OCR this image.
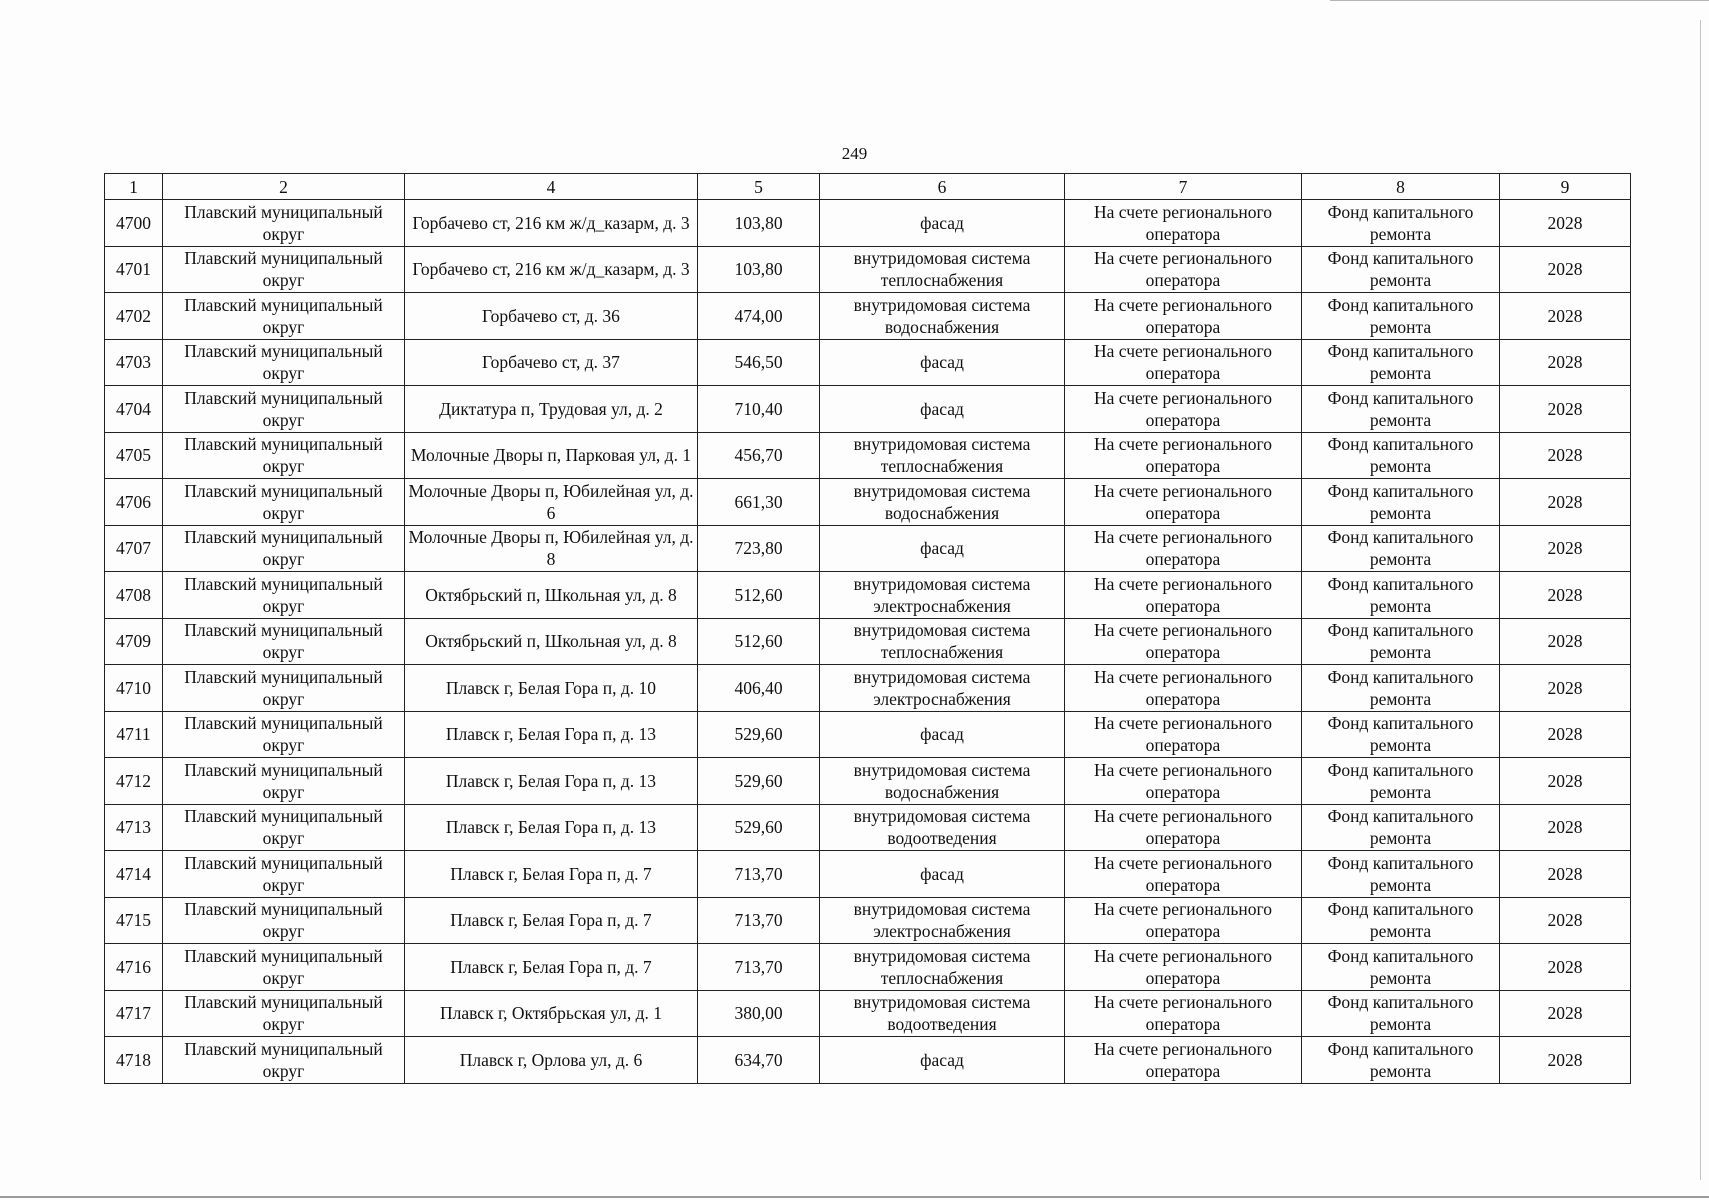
249
1	2	4	5	6	7	8	9
4700	Плавский муниципальный округ	Горбачево ст, 216 км ж/д_казарм, д. 3	103,80	фасад	На счете регионального оператора	Фонд капитального ремонта	2028
4701	Плавский муниципальный округ	Горбачево ст, 216 км ж/д_казарм, д. 3	103,80	внутридомовая система теплоснабжения	На счете регионального оператора	Фонд капитального ремонта	2028
4702	Плавский муниципальный округ	Горбачево ст, д. 36	474,00	внутридомовая система водоснабжения	На счете регионального оператора	Фонд капитального ремонта	2028
4703	Плавский муниципальный округ	Горбачево ст, д. 37	546,50	фасад	На счете регионального оператора	Фонд капитального ремонта	2028
4704	Плавский муниципальный округ	Диктатура п, Трудовая ул, д. 2	710,40	фасад	На счете регионального оператора	Фонд капитального ремонта	2028
4705	Плавский муниципальный округ	Молочные Дворы п, Парковая ул, д. 1	456,70	внутридомовая система теплоснабжения	На счете регионального оператора	Фонд капитального ремонта	2028
4706	Плавский муниципальный округ	Молочные Дворы п, Юбилейная ул, д. 6	661,30	внутридомовая система водоснабжения	На счете регионального оператора	Фонд капитального ремонта	2028
4707	Плавский муниципальный округ	Молочные Дворы п, Юбилейная ул, д. 8	723,80	фасад	На счете регионального оператора	Фонд капитального ремонта	2028
4708	Плавский муниципальный округ	Октябрьский п, Школьная ул, д. 8	512,60	внутридомовая система электроснабжения	На счете регионального оператора	Фонд капитального ремонта	2028
4709	Плавский муниципальный округ	Октябрьский п, Школьная ул, д. 8	512,60	внутридомовая система теплоснабжения	На счете регионального оператора	Фонд капитального ремонта	2028
4710	Плавский муниципальный округ	Плавск г, Белая Гора п, д. 10	406,40	внутридомовая система электроснабжения	На счете регионального оператора	Фонд капитального ремонта	2028
4711	Плавский муниципальный округ	Плавск г, Белая Гора п, д. 13	529,60	фасад	На счете регионального оператора	Фонд капитального ремонта	2028
4712	Плавский муниципальный округ	Плавск г, Белая Гора п, д. 13	529,60	внутридомовая система водоснабжения	На счете регионального оператора	Фонд капитального ремонта	2028
4713	Плавский муниципальный округ	Плавск г, Белая Гора п, д. 13	529,60	внутридомовая система водоотведения	На счете регионального оператора	Фонд капитального ремонта	2028
4714	Плавский муниципальный округ	Плавск г, Белая Гора п, д. 7	713,70	фасад	На счете регионального оператора	Фонд капитального ремонта	2028
4715	Плавский муниципальный округ	Плавск г, Белая Гора п, д. 7	713,70	внутридомовая система электроснабжения	На счете регионального оператора	Фонд капитального ремонта	2028
4716	Плавский муниципальный округ	Плавск г, Белая Гора п, д. 7	713,70	внутридомовая система теплоснабжения	На счете регионального оператора	Фонд капитального ремонта	2028
4717	Плавский муниципальный округ	Плавск г, Октябрьская ул, д. 1	380,00	внутридомовая система водоотведения	На счете регионального оператора	Фонд капитального ремонта	2028
4718	Плавский муниципальный округ	Плавск г, Орлова ул, д. 6	634,70	фасад	На счете регионального оператора	Фонд капитального ремонта	2028
